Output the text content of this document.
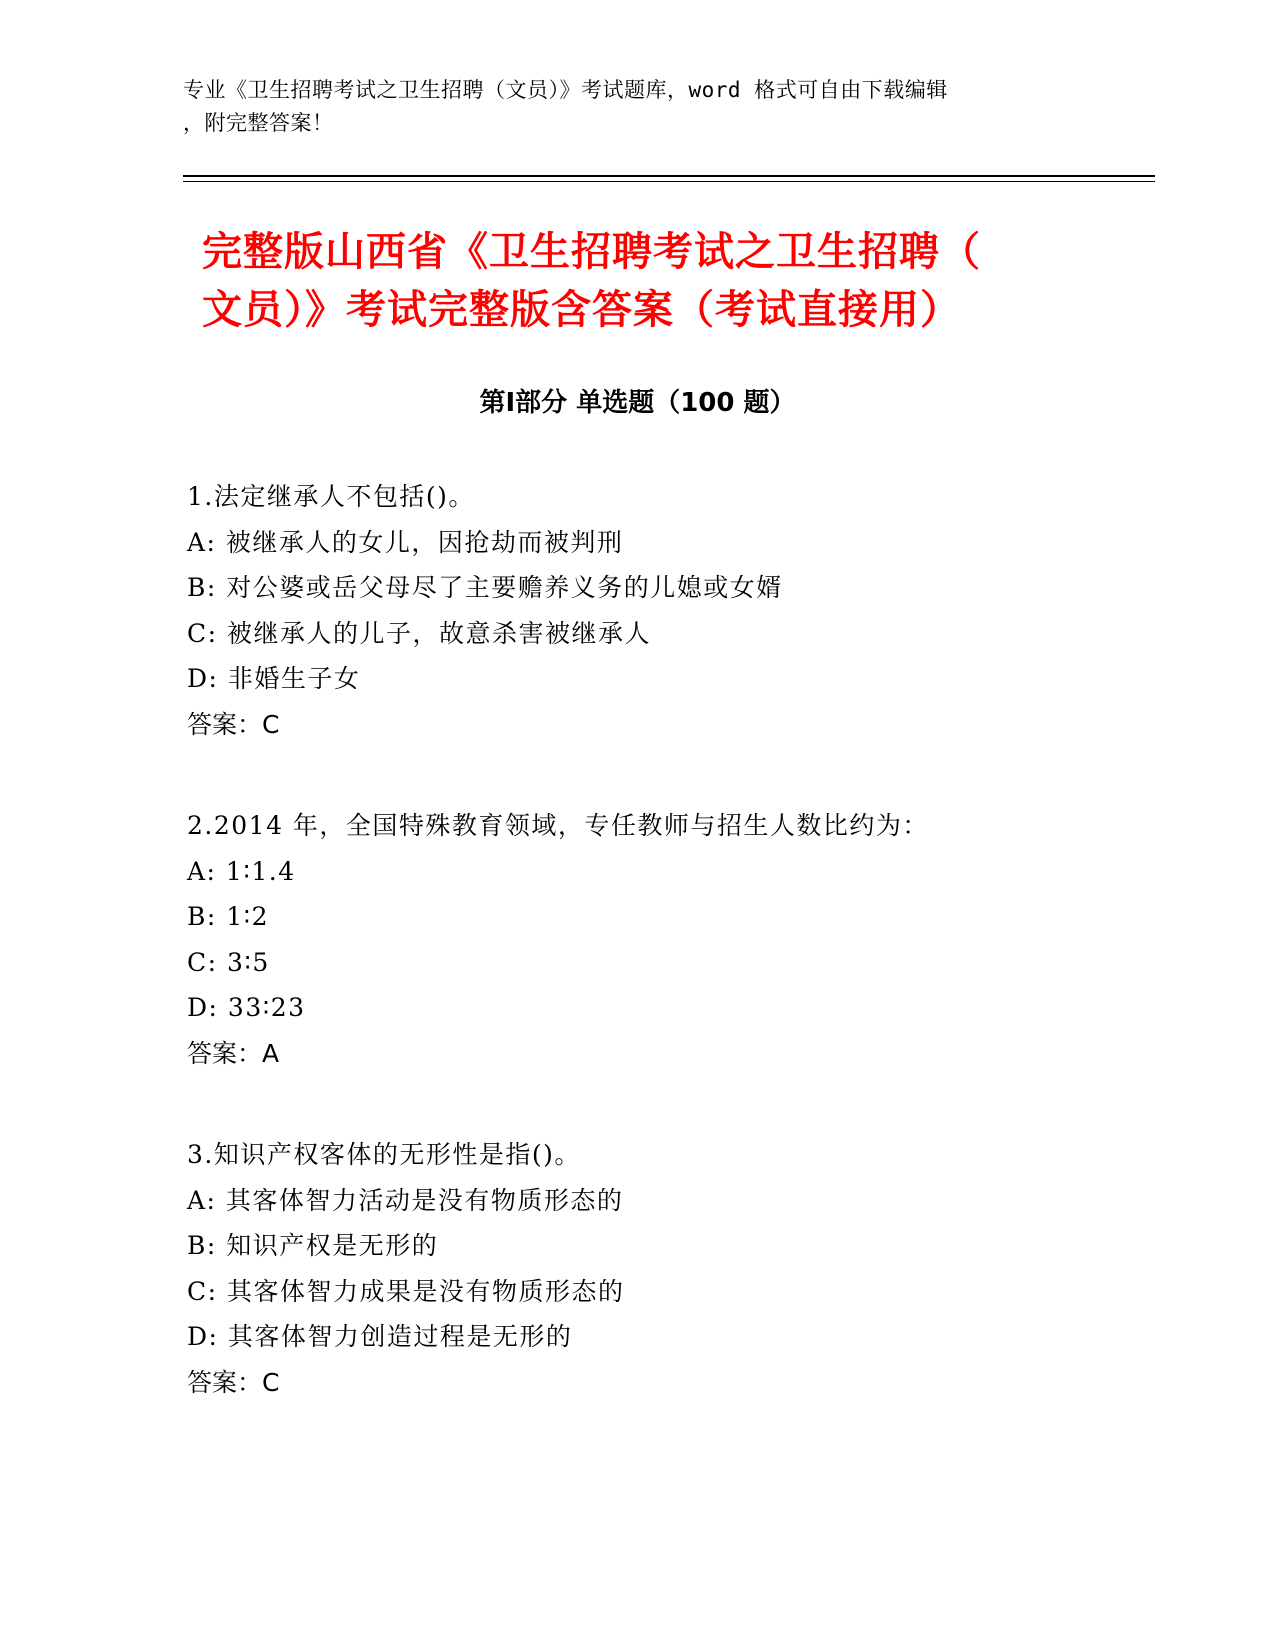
专业《卫生招聘考试之卫生招聘（文员）》考试题库，word 格式可自由下载编辑
，附完整答案！
完整版山西省《卫生招聘考试之卫生招聘（
文员）》考试完整版含答案（考试直接用）
第Ⅰ部分 单选题（100 题）
1.法定继承人不包括()。
A: 被继承人的女儿，因抢劫而被判刑
B: 对公婆或岳父母尽了主要赡养义务的儿媳或女婿
C: 被继承人的儿子，故意杀害被继承人
D: 非婚生子女
答案：C
2.2014 年，全国特殊教育领域，专任教师与招生人数比约为：
A: 1∶1.4
B: 1∶2
C: 3∶5
D: 33∶23
答案：A
3.知识产权客体的无形性是指()。
A: 其客体智力活动是没有物质形态的
B: 知识产权是无形的
C: 其客体智力成果是没有物质形态的
D: 其客体智力创造过程是无形的
答案：C
